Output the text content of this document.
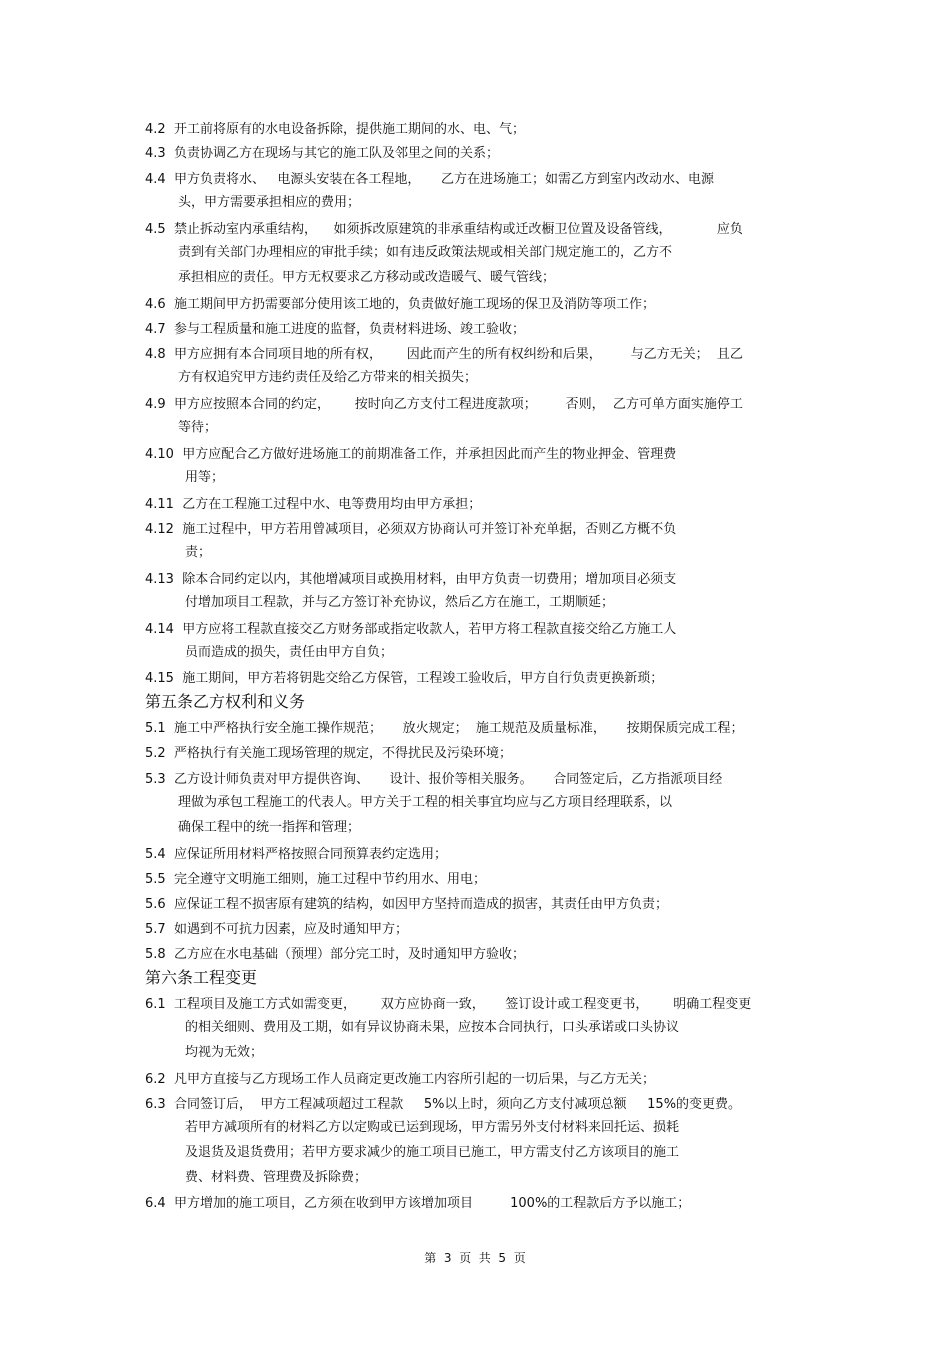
4.2  开工前将原有的水电设备拆除，提供施工期间的水、电、气；
4.3  负责协调乙方在现场与其它的施工队及邻里之间的关系；
4.4  甲方负责将水、   电源头安装在各工程地，     乙方在进场施工；如需乙方到室内改动水、电源
头，甲方需要承担相应的费用；
4.5  禁止拆动室内承重结构，    如须拆改原建筑的非承重结构或迁改橱卫位置及设备管线，           应负
责到有关部门办理相应的审批手续；如有违反政策法规或相关部门规定施工的，乙方不
承担相应的责任。甲方无权要求乙方移动或改造暖气、暖气管线；
4.6  施工期间甲方扔需要部分使用该工地的，负责做好施工现场的保卫及消防等项工作；
4.7  参与工程质量和施工进度的监督，负责材料进场、竣工验收；
4.8  甲方应拥有本合同项目地的所有权，      因此而产生的所有权纠纷和后果，       与乙方无关；  且乙
方有权追究甲方违约责任及给乙方带来的相关损失；
4.9  甲方应按照本合同的约定，      按时向乙方支付工程进度款项；       否则，  乙方可单方面实施停工
等待；
4.10  甲方应配合乙方做好进场施工的前期准备工作，并承担因此而产生的物业押金、管理费
用等；
4.11  乙方在工程施工过程中水、电等费用均由甲方承担；
4.12  施工过程中，甲方若用曾减项目，必须双方协商认可并签订补充单据，否则乙方概不负
责；
4.13  除本合同约定以内，其他增减项目或换用材料，由甲方负责一切费用；增加项目必须支
付增加项目工程款，并与乙方签订补充协议，然后乙方在施工，工期顺延；
4.14  甲方应将工程款直接交乙方财务部或指定收款人，若甲方将工程款直接交给乙方施工人
员而造成的损失，责任由甲方自负；
4.15  施工期间，甲方若将钥匙交给乙方保管，工程竣工验收后，甲方自行负责更换新琐；
第五条乙方权利和义务
5.1  施工中严格执行安全施工操作规范；     放火规定；  施工规范及质量标准，     按期保质完成工程；
5.2  严格执行有关施工现场管理的规定，不得扰民及污染环境；
5.3  乙方设计师负责对甲方提供咨询、     设计、报价等相关服务。     合同签定后，乙方指派项目经
理做为承包工程施工的代表人。甲方关于工程的相关事宜均应与乙方项目经理联系，以
确保工程中的统一指挥和管理；
5.4  应保证所用材料严格按照合同预算表约定选用；
5.5  完全遵守文明施工细则，施工过程中节约用水、用电；
5.6  应保证工程不损害原有建筑的结构，如因甲方坚持而造成的损害，其责任由甲方负责；
5.7  如遇到不可抗力因素，应及时通知甲方；
5.8  乙方应在水电基础（预埋）部分完工时，及时通知甲方验收；
第六条工程变更
6.1  工程项目及施工方式如需变更，      双方应协商一致，     签订设计或工程变更书，      明确工程变更
的相关细则、费用及工期，如有异议协商未果，应按本合同执行，口头承诺或口头协议
均视为无效；
6.2  凡甲方直接与乙方现场工作人员商定更改施工内容所引起的一切后果，与乙方无关；
6.3  合同签订后，  甲方工程减项超过工程款     5%以上时，须向乙方支付减项总额     15%的变更费。
若甲方减项所有的材料乙方以定购或已运到现场，甲方需另外支付材料来回托运、损耗
及退货及退货费用；若甲方要求减少的施工项目已施工，甲方需支付乙方该项目的施工
费、材料费、管理费及拆除费；
6.4  甲方增加的施工项目，乙方须在收到甲方该增加项目         100%的工程款后方予以施工；
第  3  页  共  5  页
